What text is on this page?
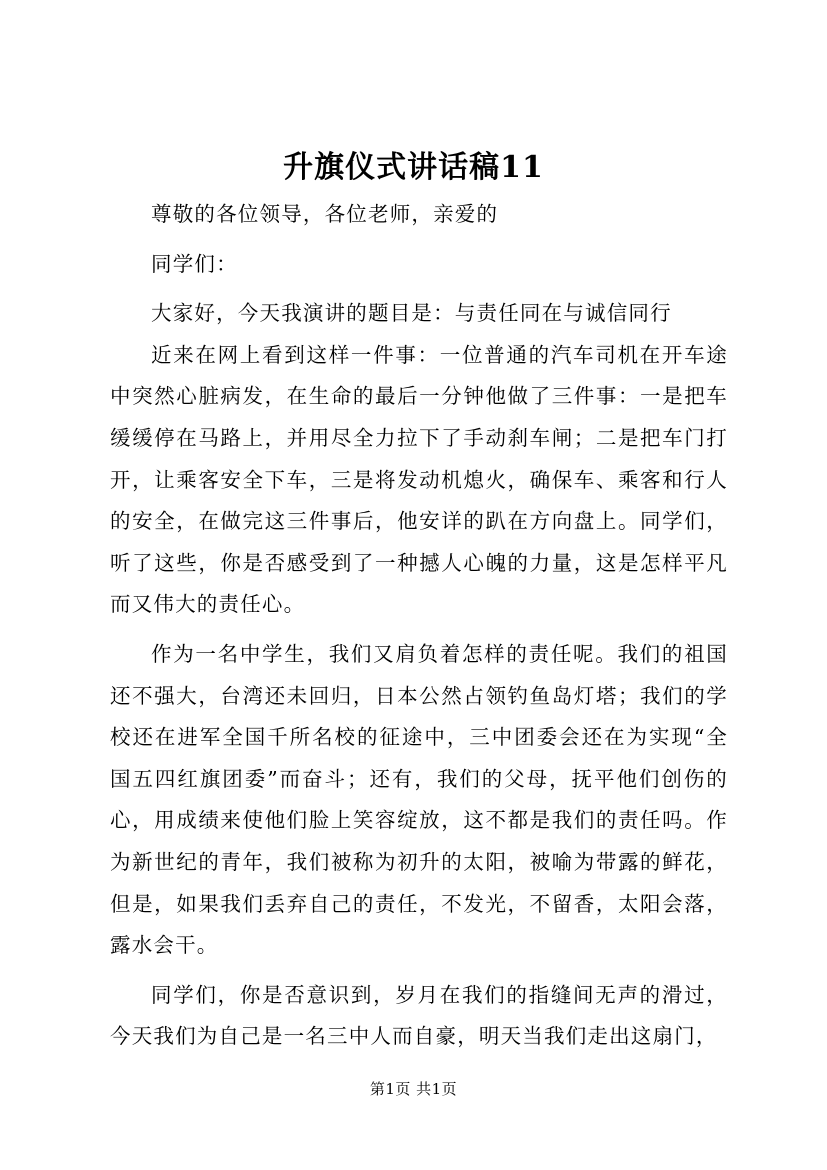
升旗仪式讲话稿11

尊敬的各位领导，各位老师，亲爱的

同学们：

大家好，今天我演讲的题目是：与责任同在与诚信同行

近来在网上看到这样一件事：一位普通的汽车司机在开车途中突然心脏病发，在生命的最后一分钟他做了三件事：一是把车缓缓停在马路上，并用尽全力拉下了手动刹车闸；二是把车门打开，让乘客安全下车，三是将发动机熄火，确保车、乘客和行人的安全，在做完这三件事后，他安详的趴在方向盘上。同学们，听了这些，你是否感受到了一种撼人心魄的力量，这是怎样平凡而又伟大的责任心。

作为一名中学生，我们又肩负着怎样的责任呢。我们的祖国还不强大，台湾还未回归，日本公然占领钓鱼岛灯塔；我们的学校还在进军全国千所名校的征途中，三中团委会还在为实现“全国五四红旗团委”而奋斗；还有，我们的父母，抚平他们创伤的心，用成绩来使他们脸上笑容绽放，这不都是我们的责任吗。作为新世纪的青年，我们被称为初升的太阳，被喻为带露的鲜花，但是，如果我们丢弃自己的责任，不发光，不留香，太阳会落，露水会干。

同学们，你是否意识到，岁月在我们的指缝间无声的滑过，今天我们为自己是一名三中人而自豪，明天当我们走出这扇门，

第1页 共1页
